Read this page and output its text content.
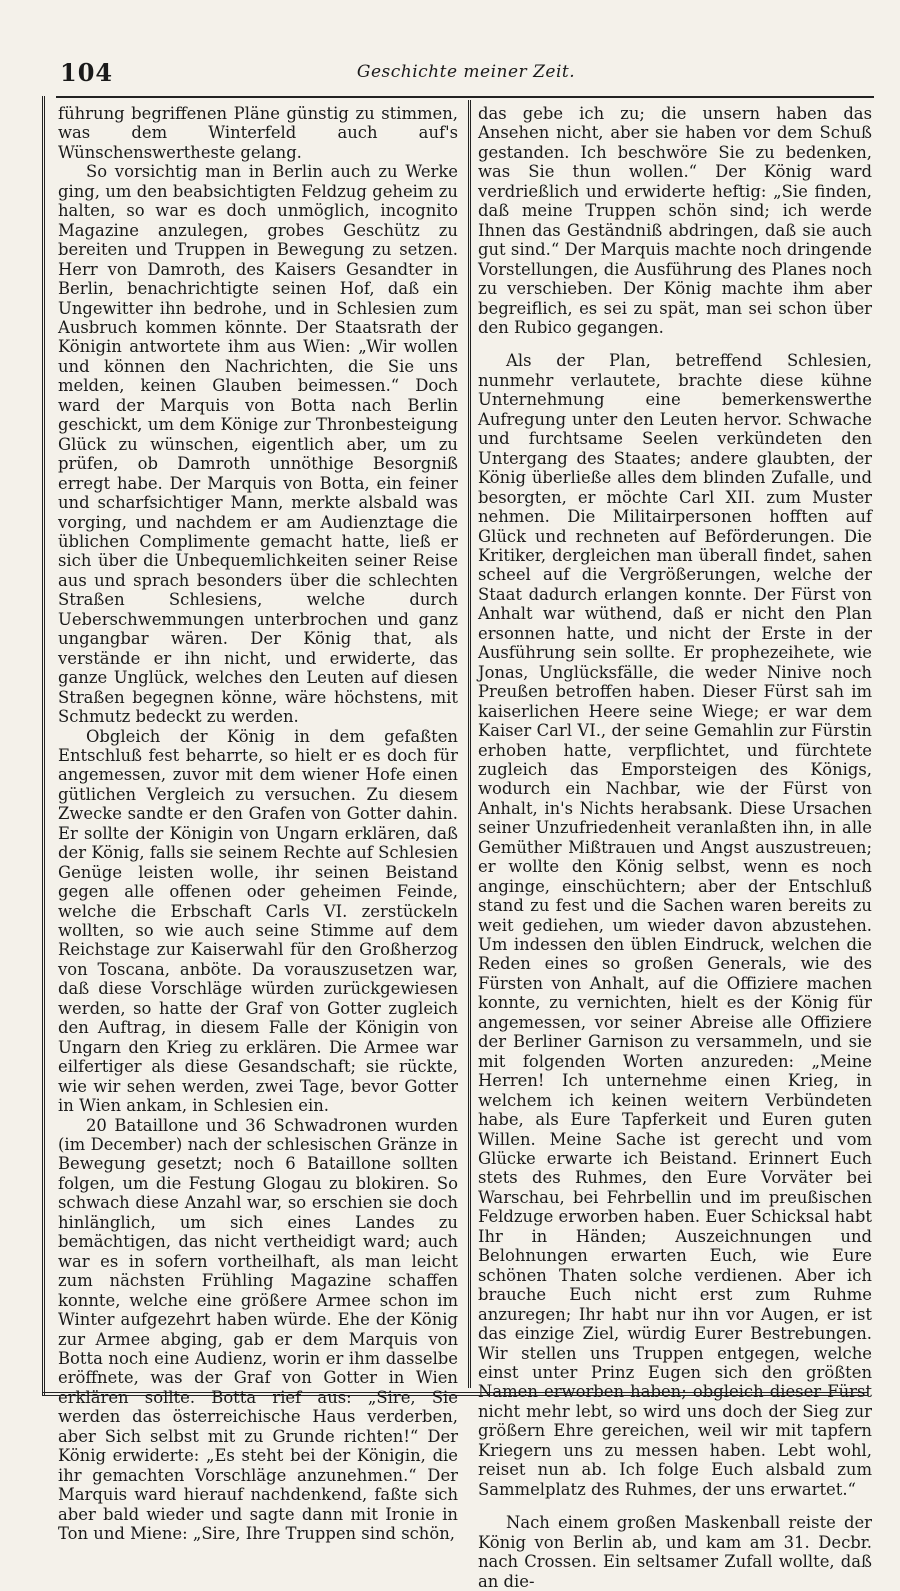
104	Geschichte meiner Zeit.

führung begriffenen Pläne günstig zu stimmen, was dem Winterfeld auch auf's Wünschenswertheste gelang.

So vorsichtig man in Berlin auch zu Werke ging, um den beabsichtigten Feldzug geheim zu halten, so war es doch unmöglich, incognito Magazine anzulegen, grobes Geschütz zu bereiten und Truppen in Bewegung zu setzen. Herr von Damroth, des Kaisers Gesandter in Berlin, benachrichtigte seinen Hof, daß ein Ungewitter ihn bedrohe, und in Schlesien zum Ausbruch kommen könnte. Der Staatsrath der Königin antwortete ihm aus Wien: „Wir wollen und können den Nachrichten, die Sie uns melden, keinen Glauben beimessen.“ Doch ward der Marquis von Botta nach Berlin geschickt, um dem Könige zur Thronbesteigung Glück zu wünschen, eigentlich aber, um zu prüfen, ob Damroth unnöthige Besorgniß erregt habe. Der Marquis von Botta, ein feiner und scharfsichtiger Mann, merkte alsbald was vorging, und nachdem er am Audienztage die üblichen Complimente gemacht hatte, ließ er sich über die Unbequemlichkeiten seiner Reise aus und sprach besonders über die schlechten Straßen Schlesiens, welche durch Ueberschwemmungen unterbrochen und ganz ungangbar wären. Der König that, als verstände er ihn nicht, und erwiderte, das ganze Unglück, welches den Leuten auf diesen Straßen begegnen könne, wäre höchstens, mit Schmutz bedeckt zu werden.

Obgleich der König in dem gefaßten Entschluß fest beharrte, so hielt er es doch für angemessen, zuvor mit dem wiener Hofe einen gütlichen Vergleich zu versuchen. Zu diesem Zwecke sandte er den Grafen von Gotter dahin. Er sollte der Königin von Ungarn erklären, daß der König, falls sie seinem Rechte auf Schlesien Genüge leisten wolle, ihr seinen Beistand gegen alle offenen oder geheimen Feinde, welche die Erbschaft Carls VI. zerstückeln wollten, so wie auch seine Stimme auf dem Reichstage zur Kaiserwahl für den Großherzog von Toscana, anböte. Da vorauszusetzen war, daß diese Vorschläge würden zurückgewiesen werden, so hatte der Graf von Gotter zugleich den Auftrag, in diesem Falle der Königin von Ungarn den Krieg zu erklären. Die Armee war eilfertiger als diese Gesandschaft; sie rückte, wie wir sehen werden, zwei Tage, bevor Gotter in Wien ankam, in Schlesien ein.

20 Bataillone und 36 Schwadronen wurden (im December) nach der schlesischen Gränze in Bewegung gesetzt; noch 6 Bataillone sollten folgen, um die Festung Glogau zu blokiren. So schwach diese Anzahl war, so erschien sie doch hinlänglich, um sich eines Landes zu bemächtigen, das nicht vertheidigt ward; auch war es in sofern vortheilhaft, als man leicht zum nächsten Frühling Magazine schaffen konnte, welche eine größere Armee schon im Winter aufgezehrt haben würde. Ehe der König zur Armee abging, gab er dem Marquis von Botta noch eine Audienz, worin er ihm dasselbe eröffnete, was der Graf von Gotter in Wien erklären sollte. Botta rief aus: „Sire, Sie werden das österreichische Haus verderben, aber Sich selbst mit zu Grunde richten!“ Der König erwiderte: „Es steht bei der Königin, die ihr gemachten Vorschläge anzunehmen.“ Der Marquis ward hierauf nachdenkend, faßte sich aber bald wieder und sagte dann mit Ironie in Ton und Miene: „Sire, Ihre Truppen sind schön,

das gebe ich zu; die unsern haben das Ansehen nicht, aber sie haben vor dem Schuß gestanden. Ich beschwöre Sie zu bedenken, was Sie thun wollen.“ Der König ward verdrießlich und erwiderte heftig: „Sie finden, daß meine Truppen schön sind; ich werde Ihnen das Geständniß abdringen, daß sie auch gut sind.“ Der Marquis machte noch dringende Vorstellungen, die Ausführung des Planes noch zu verschieben. Der König machte ihm aber begreiflich, es sei zu spät, man sei schon über den Rubico gegangen.

Als der Plan, betreffend Schlesien, nunmehr verlautete, brachte diese kühne Unternehmung eine bemerkenswerthe Aufregung unter den Leuten hervor. Schwache und furchtsame Seelen verkündeten den Untergang des Staates; andere glaubten, der König überließe alles dem blinden Zufalle, und besorgten, er möchte Carl XII. zum Muster nehmen. Die Militairpersonen hofften auf Glück und rechneten auf Beförderungen. Die Kritiker, dergleichen man überall findet, sahen scheel auf die Vergrößerungen, welche der Staat dadurch erlangen konnte. Der Fürst von Anhalt war wüthend, daß er nicht den Plan ersonnen hatte, und nicht der Erste in der Ausführung sein sollte. Er prophezeihete, wie Jonas, Unglücksfälle, die weder Ninive noch Preußen betroffen haben. Dieser Fürst sah im kaiserlichen Heere seine Wiege; er war dem Kaiser Carl VI., der seine Gemahlin zur Fürstin erhoben hatte, verpflichtet, und fürchtete zugleich das Emporsteigen des Königs, wodurch ein Nachbar, wie der Fürst von Anhalt, in's Nichts herabsank. Diese Ursachen seiner Unzufriedenheit veranlaßten ihn, in alle Gemüther Mißtrauen und Angst auszustreuen; er wollte den König selbst, wenn es noch anginge, einschüchtern; aber der Entschluß stand zu fest und die Sachen waren bereits zu weit gediehen, um wieder davon abzustehen. Um indessen den üblen Eindruck, welchen die Reden eines so großen Generals, wie des Fürsten von Anhalt, auf die Offiziere machen konnte, zu vernichten, hielt es der König für angemessen, vor seiner Abreise alle Offiziere der Berliner Garnison zu versammeln, und sie mit folgenden Worten anzureden: „Meine Herren! Ich unternehme einen Krieg, in welchem ich keinen weitern Verbündeten habe, als Eure Tapferkeit und Euren guten Willen. Meine Sache ist gerecht und vom Glücke erwarte ich Beistand. Erinnert Euch stets des Ruhmes, den Eure Vorväter bei Warschau, bei Fehrbellin und im preußischen Feldzuge erworben haben. Euer Schicksal habt Ihr in Händen; Auszeichnungen und Belohnungen erwarten Euch, wie Eure schönen Thaten solche verdienen. Aber ich brauche Euch nicht erst zum Ruhme anzuregen; Ihr habt nur ihn vor Augen, er ist das einzige Ziel, würdig Eurer Bestrebungen. Wir stellen uns Truppen entgegen, welche einst unter Prinz Eugen sich den größten Namen erworben haben; obgleich dieser Fürst nicht mehr lebt, so wird uns doch der Sieg zur größern Ehre gereichen, weil wir mit tapfern Kriegern uns zu messen haben. Lebt wohl, reiset nun ab. Ich folge Euch alsbald zum Sammelplatz des Ruhmes, der uns erwartet.“

Nach einem großen Maskenball reiste der König von Berlin ab, und kam am 31. Decbr. nach Crossen. Ein seltsamer Zufall wollte, daß an die-
